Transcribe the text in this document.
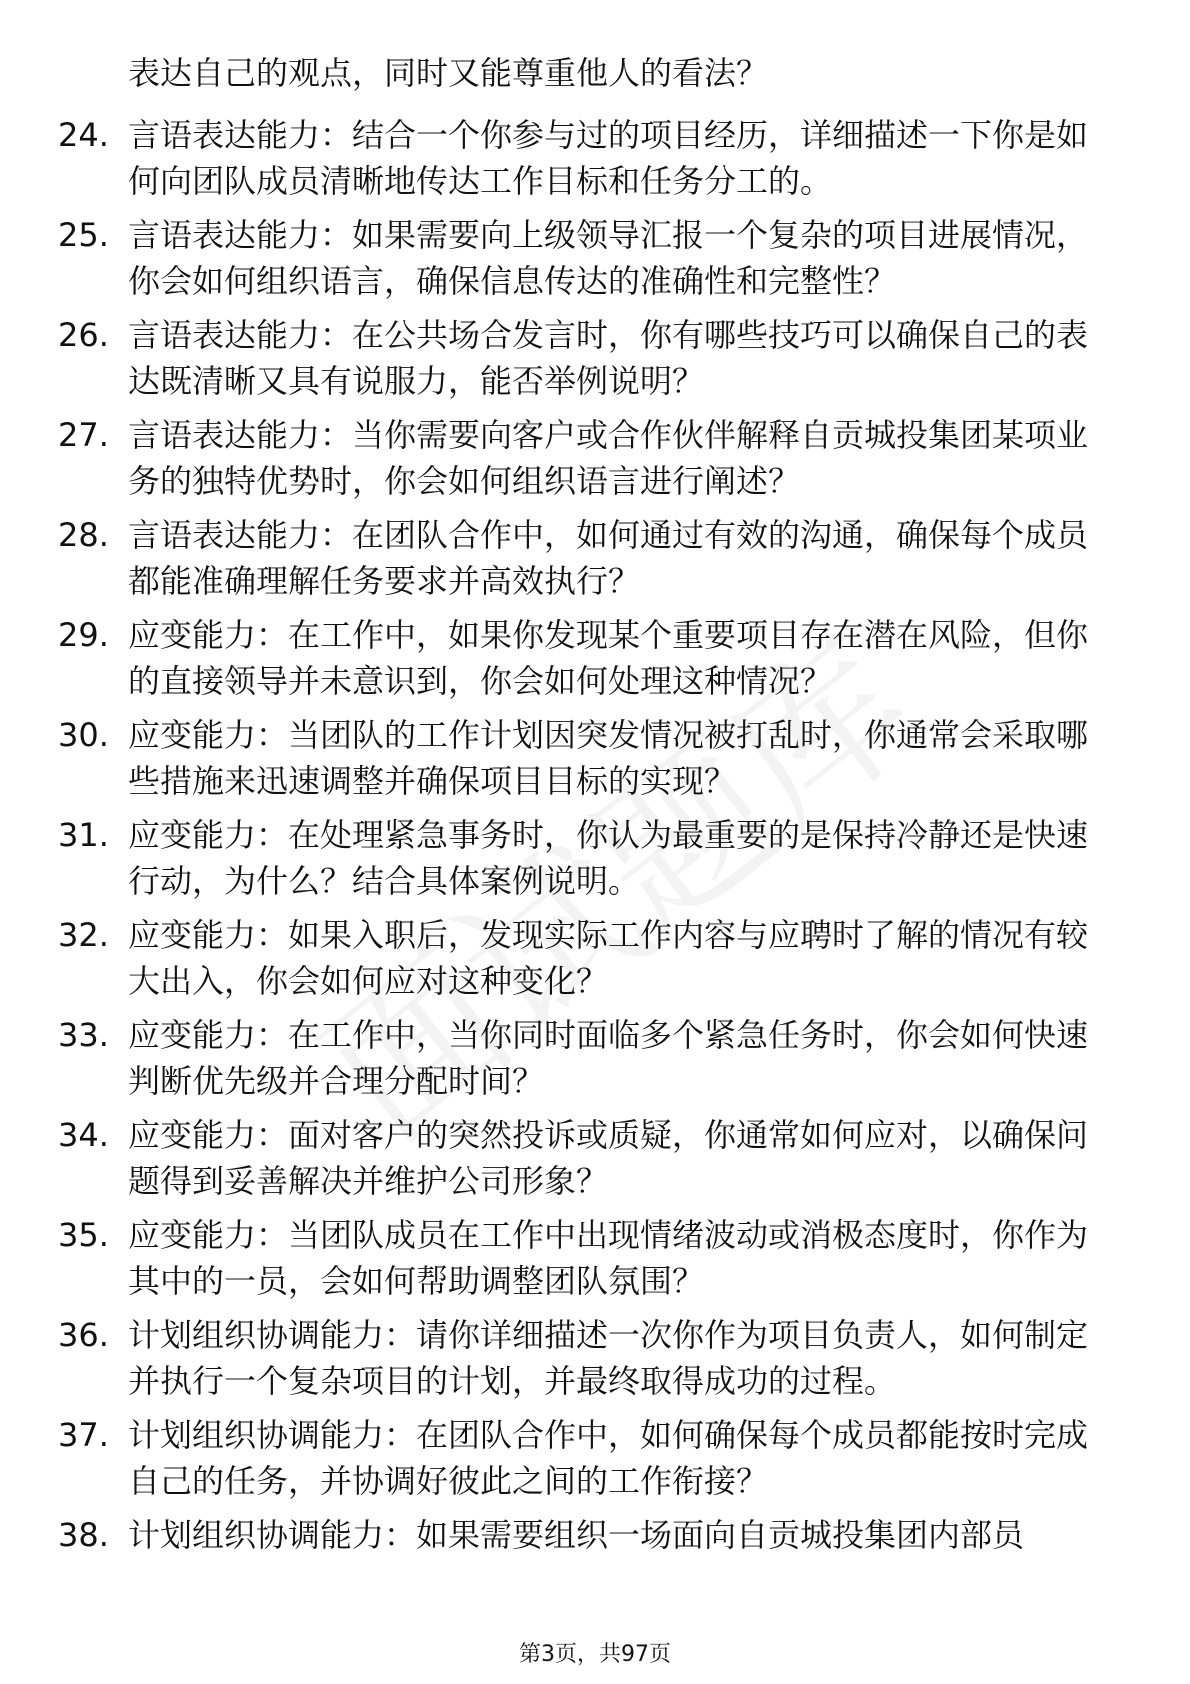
表达自己的观点，同时又能尊重他人的看法？
24. 言语表达能力：结合一个你参与过的项目经历，详细描述一下你是如何向团队成员清晰地传达工作目标和任务分工的。
25. 言语表达能力：如果需要向上级领导汇报一个复杂的项目进展情况，你会如何组织语言，确保信息传达的准确性和完整性？
26. 言语表达能力：在公共场合发言时，你有哪些技巧可以确保自己的表达既清晰又具有说服力，能否举例说明？
27. 言语表达能力：当你需要向客户或合作伙伴解释自贡城投集团某项业务的独特优势时，你会如何组织语言进行阐述？
28. 言语表达能力：在团队合作中，如何通过有效的沟通，确保每个成员都能准确理解任务要求并高效执行？
29. 应变能力：在工作中，如果你发现某个重要项目存在潜在风险，但你的直接领导并未意识到，你会如何处理这种情况？
30. 应变能力：当团队的工作计划因突发情况被打乱时，你通常会采取哪些措施来迅速调整并确保项目目标的实现？
31. 应变能力：在处理紧急事务时，你认为最重要的是保持冷静还是快速行动，为什么？结合具体案例说明。
32. 应变能力：如果入职后，发现实际工作内容与应聘时了解的情况有较大出入，你会如何应对这种变化？
33. 应变能力：在工作中，当你同时面临多个紧急任务时，你会如何快速判断优先级并合理分配时间？
34. 应变能力：面对客户的突然投诉或质疑，你通常如何应对，以确保问题得到妥善解决并维护公司形象？
35. 应变能力：当团队成员在工作中出现情绪波动或消极态度时，你作为其中的一员，会如何帮助调整团队氛围？
36. 计划组织协调能力：请你详细描述一次你作为项目负责人，如何制定并执行一个复杂项目的计划，并最终取得成功的过程。
37. 计划组织协调能力：在团队合作中，如何确保每个成员都能按时完成自己的任务，并协调好彼此之间的工作衔接？
38. 计划组织协调能力：如果需要组织一场面向自贡城投集团内部员
第3页，共97页
